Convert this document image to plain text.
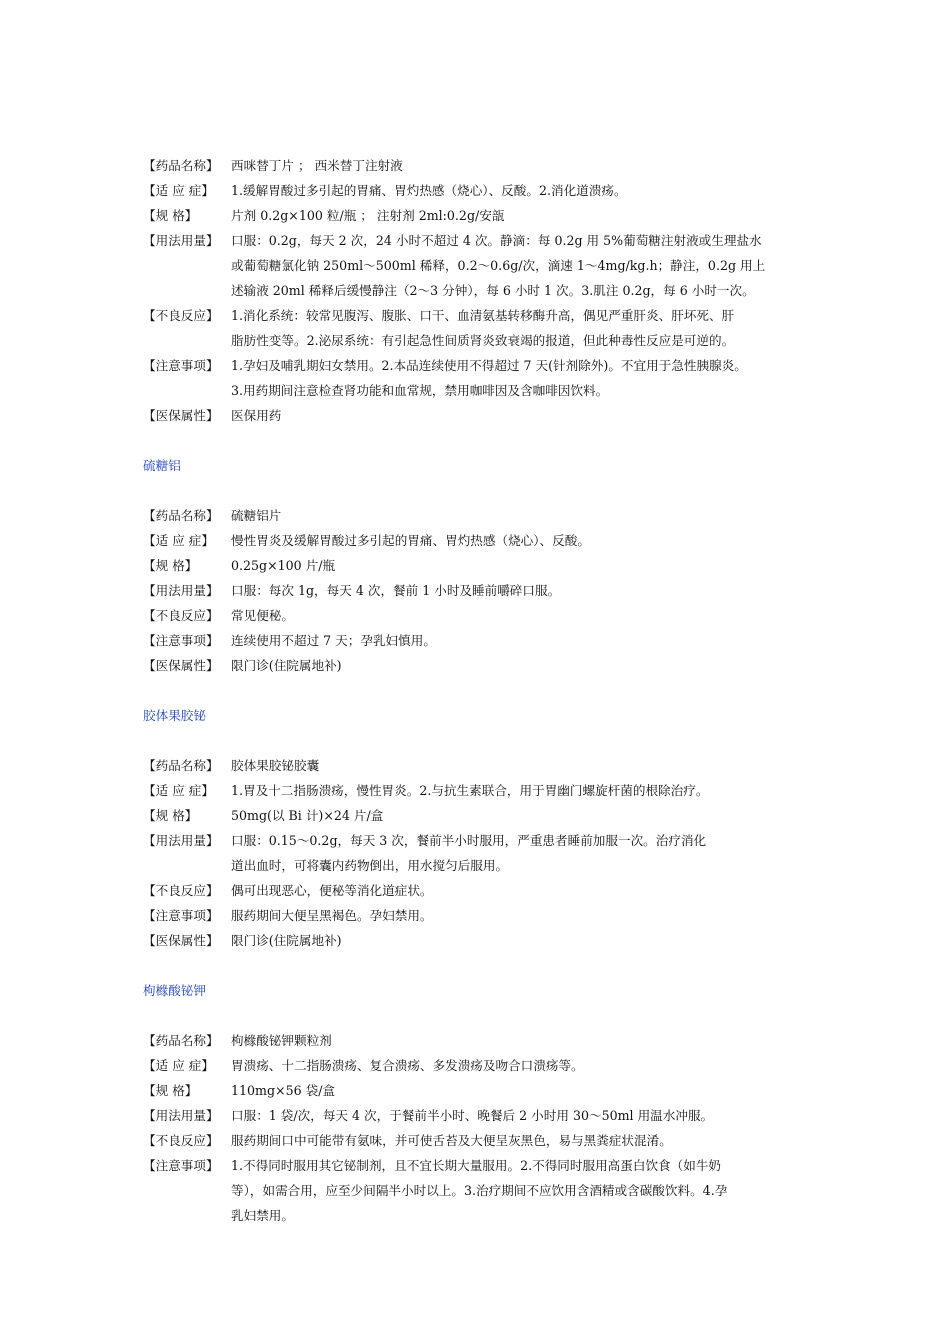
【药品名称】 西咪替丁片 ； 西米替丁注射液
【适 应 症】	1.缓解胃酸过多引起的胃痛、胃灼热感（烧心）、反酸。2.消化道溃疡。
【规 格】	片剂 0.2g×100 粒/瓶 ； 注射剂 2ml:0.2g/安瓿
【用法用量】 口服：0.2g，每天 2 次，24 小时不超过 4 次。静滴：每 0.2g 用 5%葡萄糖注射液或生理盐水
或葡萄糖氯化钠 250ml～500ml 稀释，0.2～0.6g/次，滴速 1～4mg/kg.h；静注，0.2g 用上
述输液 20ml 稀释后缓慢静注（2～3 分钟），每 6 小时 1 次。3.肌注 0.2g，每 6 小时一次。
【不良反应】 1.消化系统：较常见腹泻、腹胀、口干、血清氨基转移酶升高，偶见严重肝炎、肝坏死、肝
脂肪性变等。2.泌尿系统：有引起急性间质肾炎致衰竭的报道，但此种毒性反应是可逆的。
【注意事项】 1.孕妇及哺乳期妇女禁用。2.本品连续使用不得超过 7 天(针剂除外)。不宜用于急性胰腺炎。
3.用药期间注意检查肾功能和血常规，禁用咖啡因及含咖啡因饮料。
【医保属性】 医保用药
硫糖铝
【药品名称】 硫糖铝片
【适 应 症】	慢性胃炎及缓解胃酸过多引起的胃痛、胃灼热感（烧心）、反酸。
【规 格】	0.25g×100 片/瓶
【用法用量】 口服：每次 1g，每天 4 次，餐前 1 小时及睡前嚼碎口服。
【不良反应】 常见便秘。
【注意事项】 连续使用不超过 7 天；孕乳妇慎用。
【医保属性】 限门诊(住院属地补)
胶体果胶铋
【药品名称】 胶体果胶铋胶囊
【适 应 症】	1.胃及十二指肠溃疡，慢性胃炎。2.与抗生素联合，用于胃幽门螺旋杆菌的根除治疗。
【规 格】	50mg(以 Bi 计)×24 片/盒
【用法用量】 口服：0.15～0.2g，每天 3 次，餐前半小时服用，严重患者睡前加服一次。治疗消化
道出血时，可将囊内药物倒出，用水搅匀后服用。
【不良反应】 偶可出现恶心，便秘等消化道症状。
【注意事项】 服药期间大便呈黑褐色。孕妇禁用。
【医保属性】 限门诊(住院属地补)
枸橼酸铋钾
【药品名称】 枸橼酸铋钾颗粒剂
【适 应 症】	胃溃疡、十二指肠溃疡、复合溃疡、多发溃疡及吻合口溃疡等。
【规 格】	110mg×56 袋/盒
【用法用量】 口服：1 袋/次，每天 4 次，于餐前半小时、晚餐后 2 小时用 30～50ml 用温水冲服。
【不良反应】 服药期间口中可能带有氨味，并可使舌苔及大便呈灰黑色，易与黑粪症状混淆。
【注意事项】 1.不得同时服用其它铋制剂，且不宜长期大量服用。2.不得同时服用高蛋白饮食（如牛奶
等），如需合用，应至少间隔半小时以上。3.治疗期间不应饮用含酒精或含碳酸饮料。4.孕
乳妇禁用。
